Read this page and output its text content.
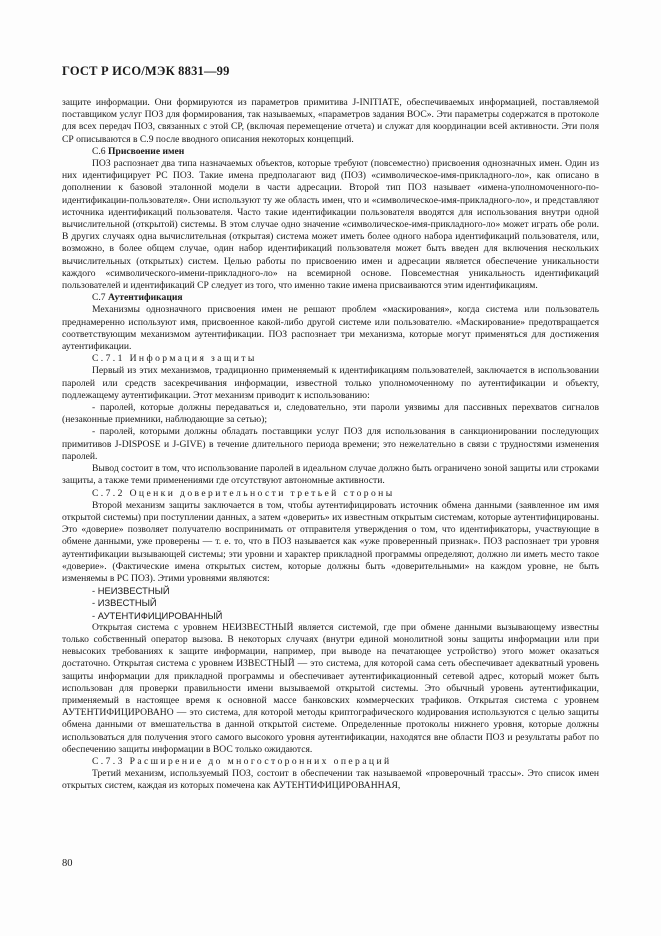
ГОСТ Р ИСО/МЭК 8831—99

защите информации. Они формируются из параметров примитива J-INITIATE, обеспечиваемых информацией, поставляемой поставщиком услуг ПОЗ для формирования, так называемых, «параметров задания ВОС». Эти параметры содержатся в протоколе для всех передач ПОЗ, связанных с этой СР, (включая перемещение отчета) и служат для координации всей активности. Эти поля СР описываются в С.9 после вводного описания некоторых концепций.

С.6 Присвоение имен

ПОЗ распознает два типа назначаемых объектов, которые требуют (повсеместно) присвоения однозначных имен. Один из них идентифицирует РС ПОЗ. Такие имена предполагают вид (ПОЗ) «символическое-имя-прикладного-ло», как описано в дополнении к базовой эталонной модели в части адресации. Второй тип ПОЗ называет «имена-уполномоченного-по-идентификации-пользователя». Они используют ту же область имен, что и «символическое-имя-прикладного-ло», и представляют источника идентификаций пользователя. Часто такие идентификации пользователя вводятся для использования внутри одной вычислительной (открытой) системы. В этом случае одно значение «символическое-имя-прикладного-ло» может играть обе роли. В других случаях одна вычислительная (открытая) система может иметь более одного набора идентификаций пользователя, или, возможно, в более общем случае, один набор идентификаций пользователя может быть введен для включения нескольких вычислительных (открытых) систем. Целью работы по присвоению имен и адресации является обеспечение уникальности каждого «символического-имени-прикладного-ло» на всемирной основе. Повсеместная уникальность идентификаций пользователей и идентификаций СР следует из того, что именно такие имена присваиваются этим идентификациям.

С.7 Аутентификация

Механизмы однозначного присвоения имен не решают проблем «маскирования», когда система или пользователь преднамеренно используют имя, присвоенное какой-либо другой системе или пользователю. «Маскирование» предотвращается соответствующим механизмом аутентификации. ПОЗ распознает три механизма, которые могут применяться для достижения аутентификации.

С.7.1 Информация защиты

Первый из этих механизмов, традиционно применяемый к идентификациям пользователей, заключается в использовании паролей или средств засекречивания информации, известной только уполномоченному по аутентификации и объекту, подлежащему аутентификации. Этот механизм приводит к использованию:

- паролей, которые должны передаваться и, следовательно, эти пароли уязвимы для пассивных перехватов сигналов (незаконные приемники, наблюдающие за сетью);

- паролей, которыми должны обладать поставщики услуг ПОЗ для использования в санкционировании последующих примитивов J-DISPOSE и J-GIVE) в течение длительного периода времени; это нежелательно в связи с трудностями изменения паролей.

Вывод состоит в том, что использование паролей в идеальном случае должно быть ограничено зоной защиты или строками защиты, а также теми применениями где отсутствуют автономные активности.

С.7.2 Оценки доверительности третьей стороны

Второй механизм защиты заключается в том, чтобы аутентифицировать источник обмена данными (заявленное им имя открытой системы) при поступлении данных, а затем «доверить» их известным открытым системам, которые аутентифицированы. Это «доверие» позволяет получателю воспринимать от отправителя утверждения о том, что идентификаторы, участвующие в обмене данными, уже проверены — т. е. то, что в ПОЗ называется как «уже проверенный признак». ПОЗ распознает три уровня аутентификации вызывающей системы; эти уровни и характер прикладной программы определяют, должно ли иметь место такое «доверие». (Фактические имена открытых систем, которые должны быть «доверительными» на каждом уровне, не быть изменяемы в РС ПОЗ). Этими уровнями являются:

- НЕИЗВЕСТНЫЙ

- ИЗВЕСТНЫЙ

- АУТЕНТИФИЦИРОВАННЫЙ

Открытая система с уровнем НЕИЗВЕСТНЫЙ является системой, где при обмене данными вызывающему известны только собственный оператор вызова. В некоторых случаях (внутри единой монолитной зоны защиты информации или при невысоких требованиях к защите информации, например, при выводе на печатающее устройство) этого может оказаться достаточно. Открытая система с уровнем ИЗВЕСТНЫЙ — это система, для которой сама сеть обеспечивает адекватный уровень защиты информации для прикладной программы и обеспечивает аутентификационный сетевой адрес, который может быть использован для проверки правильности имени вызываемой открытой системы. Это обычный уровень аутентификации, применяемый в настоящее время к основной массе банковских коммерческих трафиков. Открытая система с уровнем АУТЕНТИФИЦИРОВАНО — это система, для которой методы криптографического кодирования используются с целью защиты обмена данными от вмешательства в данной открытой системе. Определенные протоколы нижнего уровня, которые должны использоваться для получения этого самого высокого уровня аутентификации, находятся вне области ПОЗ и результаты работ по обеспечению защиты информации в ВОС только ожидаются.

С.7.3 Расширение до многосторонних операций

Третий механизм, используемый ПОЗ, состоит в обеспечении так называемой «проверочный трассы». Это список имен открытых систем, каждая из которых помечена как АУТЕНТИФИЦИРОВАННАЯ,

80
